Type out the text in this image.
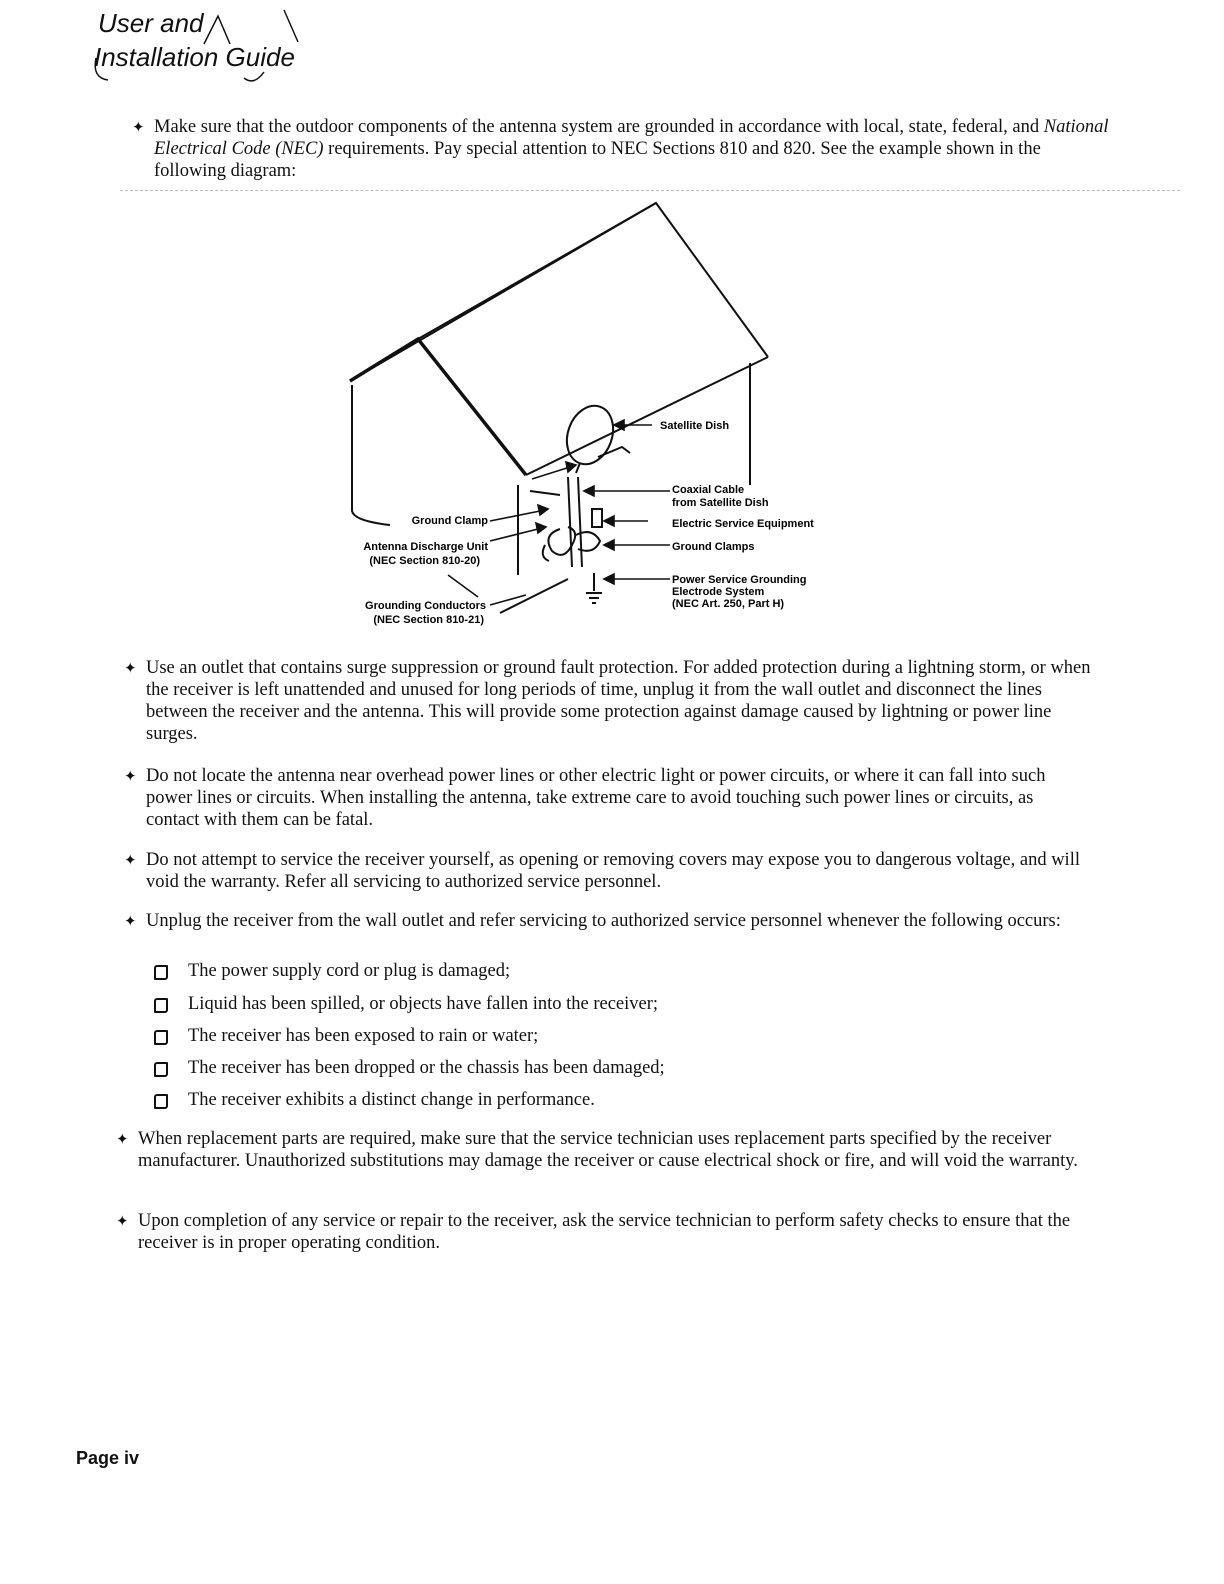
User and
Installation Guide
✦ Make sure that the outdoor components of the antenna system are grounded in accordance with local, state, federal, and National Electrical Code (NEC) requirements. Pay special attention to NEC Sections 810 and 820. See the example shown in the following diagram:
Satellite Dish
Coaxial Cable
from Satellite Dish
Electric Service Equipment
Ground Clamps
Power Service Grounding
Electrode System
(NEC Art. 250, Part H)
Ground Clamp
Antenna Discharge Unit
(NEC Section 810-20)
Grounding Conductors
(NEC Section 810-21)
✦ Use an outlet that contains surge suppression or ground fault protection. For added protection during a lightning storm, or when the receiver is left unattended and unused for long periods of time, unplug it from the wall outlet and disconnect the lines between the receiver and the antenna. This will provide some protection against damage caused by lightning or power line surges.
✦ Do not locate the antenna near overhead power lines or other electric light or power circuits, or where it can fall into such power lines or circuits. When installing the antenna, take extreme care to avoid touching such power lines or circuits, as contact with them can be fatal.
✦ Do not attempt to service the receiver yourself, as opening or removing covers may expose you to dangerous voltage, and will void the warranty. Refer all servicing to authorized service personnel.
✦ Unplug the receiver from the wall outlet and refer servicing to authorized service personnel whenever the following occurs:
The power supply cord or plug is damaged;
Liquid has been spilled, or objects have fallen into the receiver;
The receiver has been exposed to rain or water;
The receiver has been dropped or the chassis has been damaged;
The receiver exhibits a distinct change in performance.
✦ When replacement parts are required, make sure that the service technician uses replacement parts specified by the receiver manufacturer. Unauthorized substitutions may damage the receiver or cause electrical shock or fire, and will void the warranty.
✦ Upon completion of any service or repair to the receiver, ask the service technician to perform safety checks to ensure that the receiver is in proper operating condition.
Page iv
